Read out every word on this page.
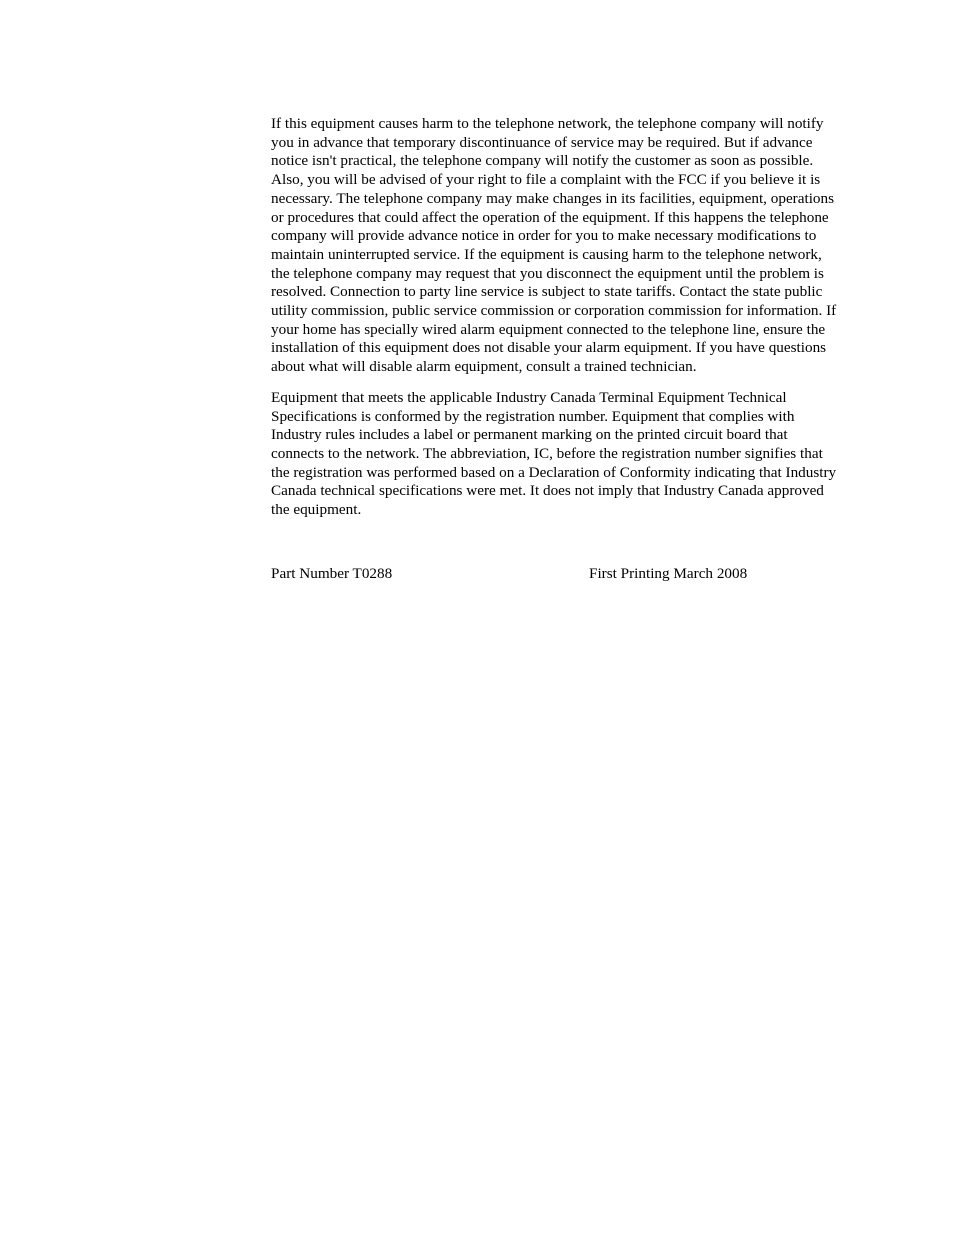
If this equipment causes harm to the telephone network, the telephone company will notify
you in advance that temporary discontinuance of service may be required. But if advance
notice isn't practical, the telephone company will notify the customer as soon as possible.
Also, you will be advised of your right to file a complaint with the FCC if you believe it is
necessary. The telephone company may make changes in its facilities, equipment, operations
or procedures that could affect the operation of the equipment. If this happens the telephone
company will provide advance notice in order for you to make necessary modifications to
maintain uninterrupted service. If the equipment is causing harm to the telephone network,
the telephone company may request that you disconnect the equipment until the problem is
resolved. Connection to party line service is subject to state tariffs. Contact the state public
utility commission, public service commission or corporation commission for information. If
your home has specially wired alarm equipment connected to the telephone line, ensure the
installation of this equipment does not disable your alarm equipment. If you have questions
about what will disable alarm equipment, consult a trained technician.

Equipment that meets the applicable Industry Canada Terminal Equipment Technical
Specifications is conformed by the registration number. Equipment that complies with
Industry rules includes a label or permanent marking on the printed circuit board that
connects to the network. The abbreviation, IC, before the registration number signifies that
the registration was performed based on a Declaration of Conformity indicating that Industry
Canada technical specifications were met. It does not imply that Industry Canada approved
the equipment.

Part Number T0288	First Printing March 2008
